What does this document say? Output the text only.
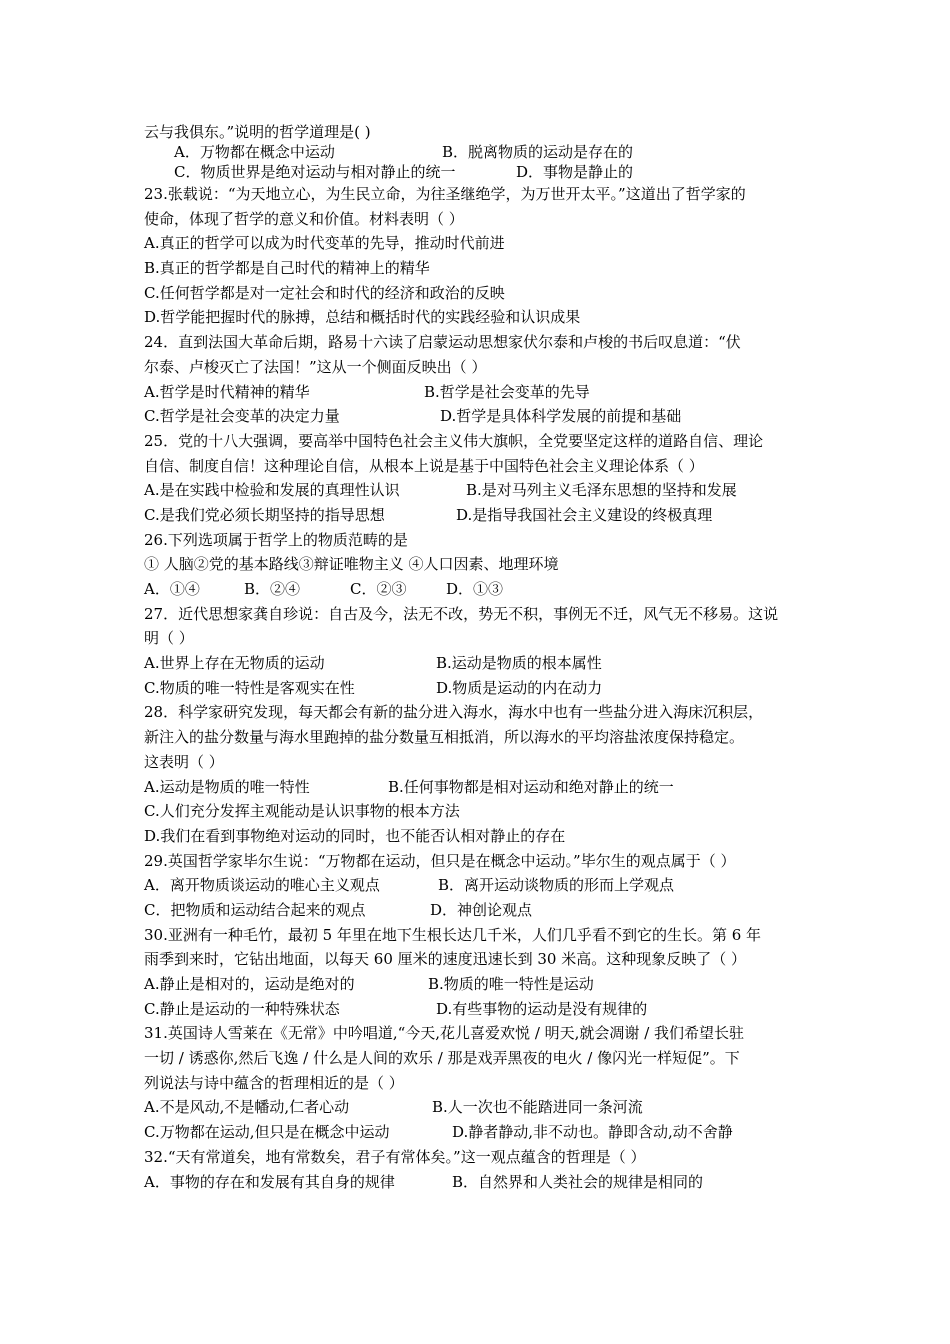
云与我俱东。”说明的哲学道理是( )
A．万物都在概念中运动	B．脱离物质的运动是存在的
C．物质世界是绝对运动与相对静止的统一	D．事物是静止的
23.张载说：“为天地立心，为生民立命，为往圣继绝学，为万世开太平。”这道出了哲学家的
使命，体现了哲学的意义和价值。材料表明（ ）
A.真正的哲学可以成为时代变革的先导，推动时代前进
B.真正的哲学都是自己时代的精神上的精华
C.任何哲学都是对一定社会和时代的经济和政治的反映
D.哲学能把握时代的脉搏，总结和概括时代的实践经验和认识成果
24．直到法国大革命后期，路易十六读了启蒙运动思想家伏尔泰和卢梭的书后叹息道：“伏
尔泰、卢梭灭亡了法国！”这从一个侧面反映出（ ）
A.哲学是时代精神的精华	B.哲学是社会变革的先导
C.哲学是社会变革的决定力量	D.哲学是具体科学发展的前提和基础
25．党的十八大强调，要高举中国特色社会主义伟大旗帜，全党要坚定这样的道路自信、理论
自信、制度自信！这种理论自信，从根本上说是基于中国特色社会主义理论体系（ ）
A.是在实践中检验和发展的真理性认识	B.是对马列主义毛泽东思想的坚持和发展
C.是我们党必须长期坚持的指导思想	D.是指导我国社会主义建设的终极真理
26.下列选项属于哲学上的物质范畴的是
① 人脑②党的基本路线③辩证唯物主义 ④人口因素、地理环境
A．①④	B．②④	C．②③	D．①③
27．近代思想家龚自珍说：自古及今，法无不改，势无不积，事例无不迁，风气无不移易。这说
明（ ）
A.世界上存在无物质的运动	B.运动是物质的根本属性
C.物质的唯一特性是客观实在性	D.物质是运动的内在动力
28．科学家研究发现，每天都会有新的盐分进入海水，海水中也有一些盐分进入海床沉积层，
新注入的盐分数量与海水里跑掉的盐分数量互相抵消，所以海水的平均溶盐浓度保持稳定。
这表明（ ）
A.运动是物质的唯一特性	B.任何事物都是相对运动和绝对静止的统一
C.人们充分发挥主观能动是认识事物的根本方法
D.我们在看到事物绝对运动的同时，也不能否认相对静止的存在
29.英国哲学家毕尔生说：“万物都在运动，但只是在概念中运动。”毕尔生的观点属于（ ）
A．离开物质谈运动的唯心主义观点	B．离开运动谈物质的形而上学观点
C．把物质和运动结合起来的观点	D．神创论观点
30.亚洲有一种毛竹，最初 5 年里在地下生根长达几千米，人们几乎看不到它的生长。第 6 年
雨季到来时，它钻出地面，以每天 60 厘米的速度迅速长到 30 米高。这种现象反映了（ ）
A.静止是相对的，运动是绝对的	B.物质的唯一特性是运动
C.静止是运动的一种特殊状态	D.有些事物的运动是没有规律的
31.英国诗人雪莱在《无常》中吟唱道,“今天,花儿喜爱欢悦 / 明天,就会凋谢 / 我们希望长驻
一切 / 诱惑你,然后飞逸 / 什么是人间的欢乐 / 那是戏弄黑夜的电火 / 像闪光一样短促”。下
列说法与诗中蕴含的哲理相近的是（ ）
A.不是风动,不是幡动,仁者心动	B.人一次也不能踏进同一条河流
C.万物都在运动,但只是在概念中运动	D.静者静动,非不动也。静即含动,动不舍静
32.“天有常道矣，地有常数矣，君子有常体矣。”这一观点蕴含的哲理是（ ）
A．事物的存在和发展有其自身的规律	B．自然界和人类社会的规律是相同的
